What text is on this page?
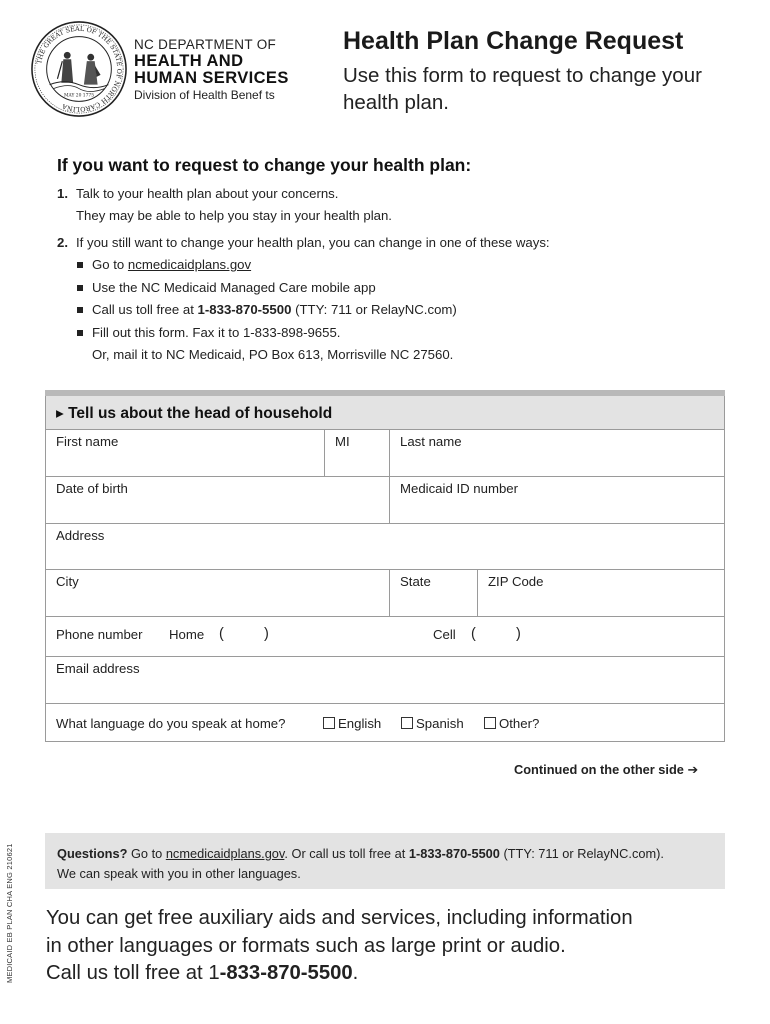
THE GREAT SEAL OF THE STATE OF NORTH CAROLINA
MAY 20 1775
NC DEPARTMENT OF
HEALTH AND
HUMAN SERVICES
Division of Health Benef ts
Health Plan Change Request

Use this form to request to change your health plan.

If you want to request to change your health plan:
1. Talk to your health plan about your concerns.
They may be able to help you stay in your health plan.
2. If you still want to change your health plan, you can change in one of these ways:
Go to ncmedicaidplans.gov
Use the NC Medicaid Managed Care mobile app
Call us toll free at 1-833-870-5500 (TTY: 711 or RelayNC.com)
Fill out this form. Fax it to 1-833-898-9655.
Or, mail it to NC Medicaid, PO Box 613, Morrisville NC 27560.
▸ Tell us about the head of household
First name	MI	Last name
Date of birth	Medicaid ID number
Address
City	State	ZIP Code
Phone number Home (	)	Cell (	)
Email address
What language do you speak at home?	English	Spanish	Other?
Continued on the other side ➔
MEDICAID EB PLAN CHA ENG 210621	Questions? Go to ncmedicaidplans.gov. Or call us toll free at 1-833-870-5500 (TTY: 711 or RelayNC.com).
We can speak with you in other languages.
You can get free auxiliary aids and services, including information
in other languages or formats such as large print or audio.
Call us toll free at 1-833-870-5500.
